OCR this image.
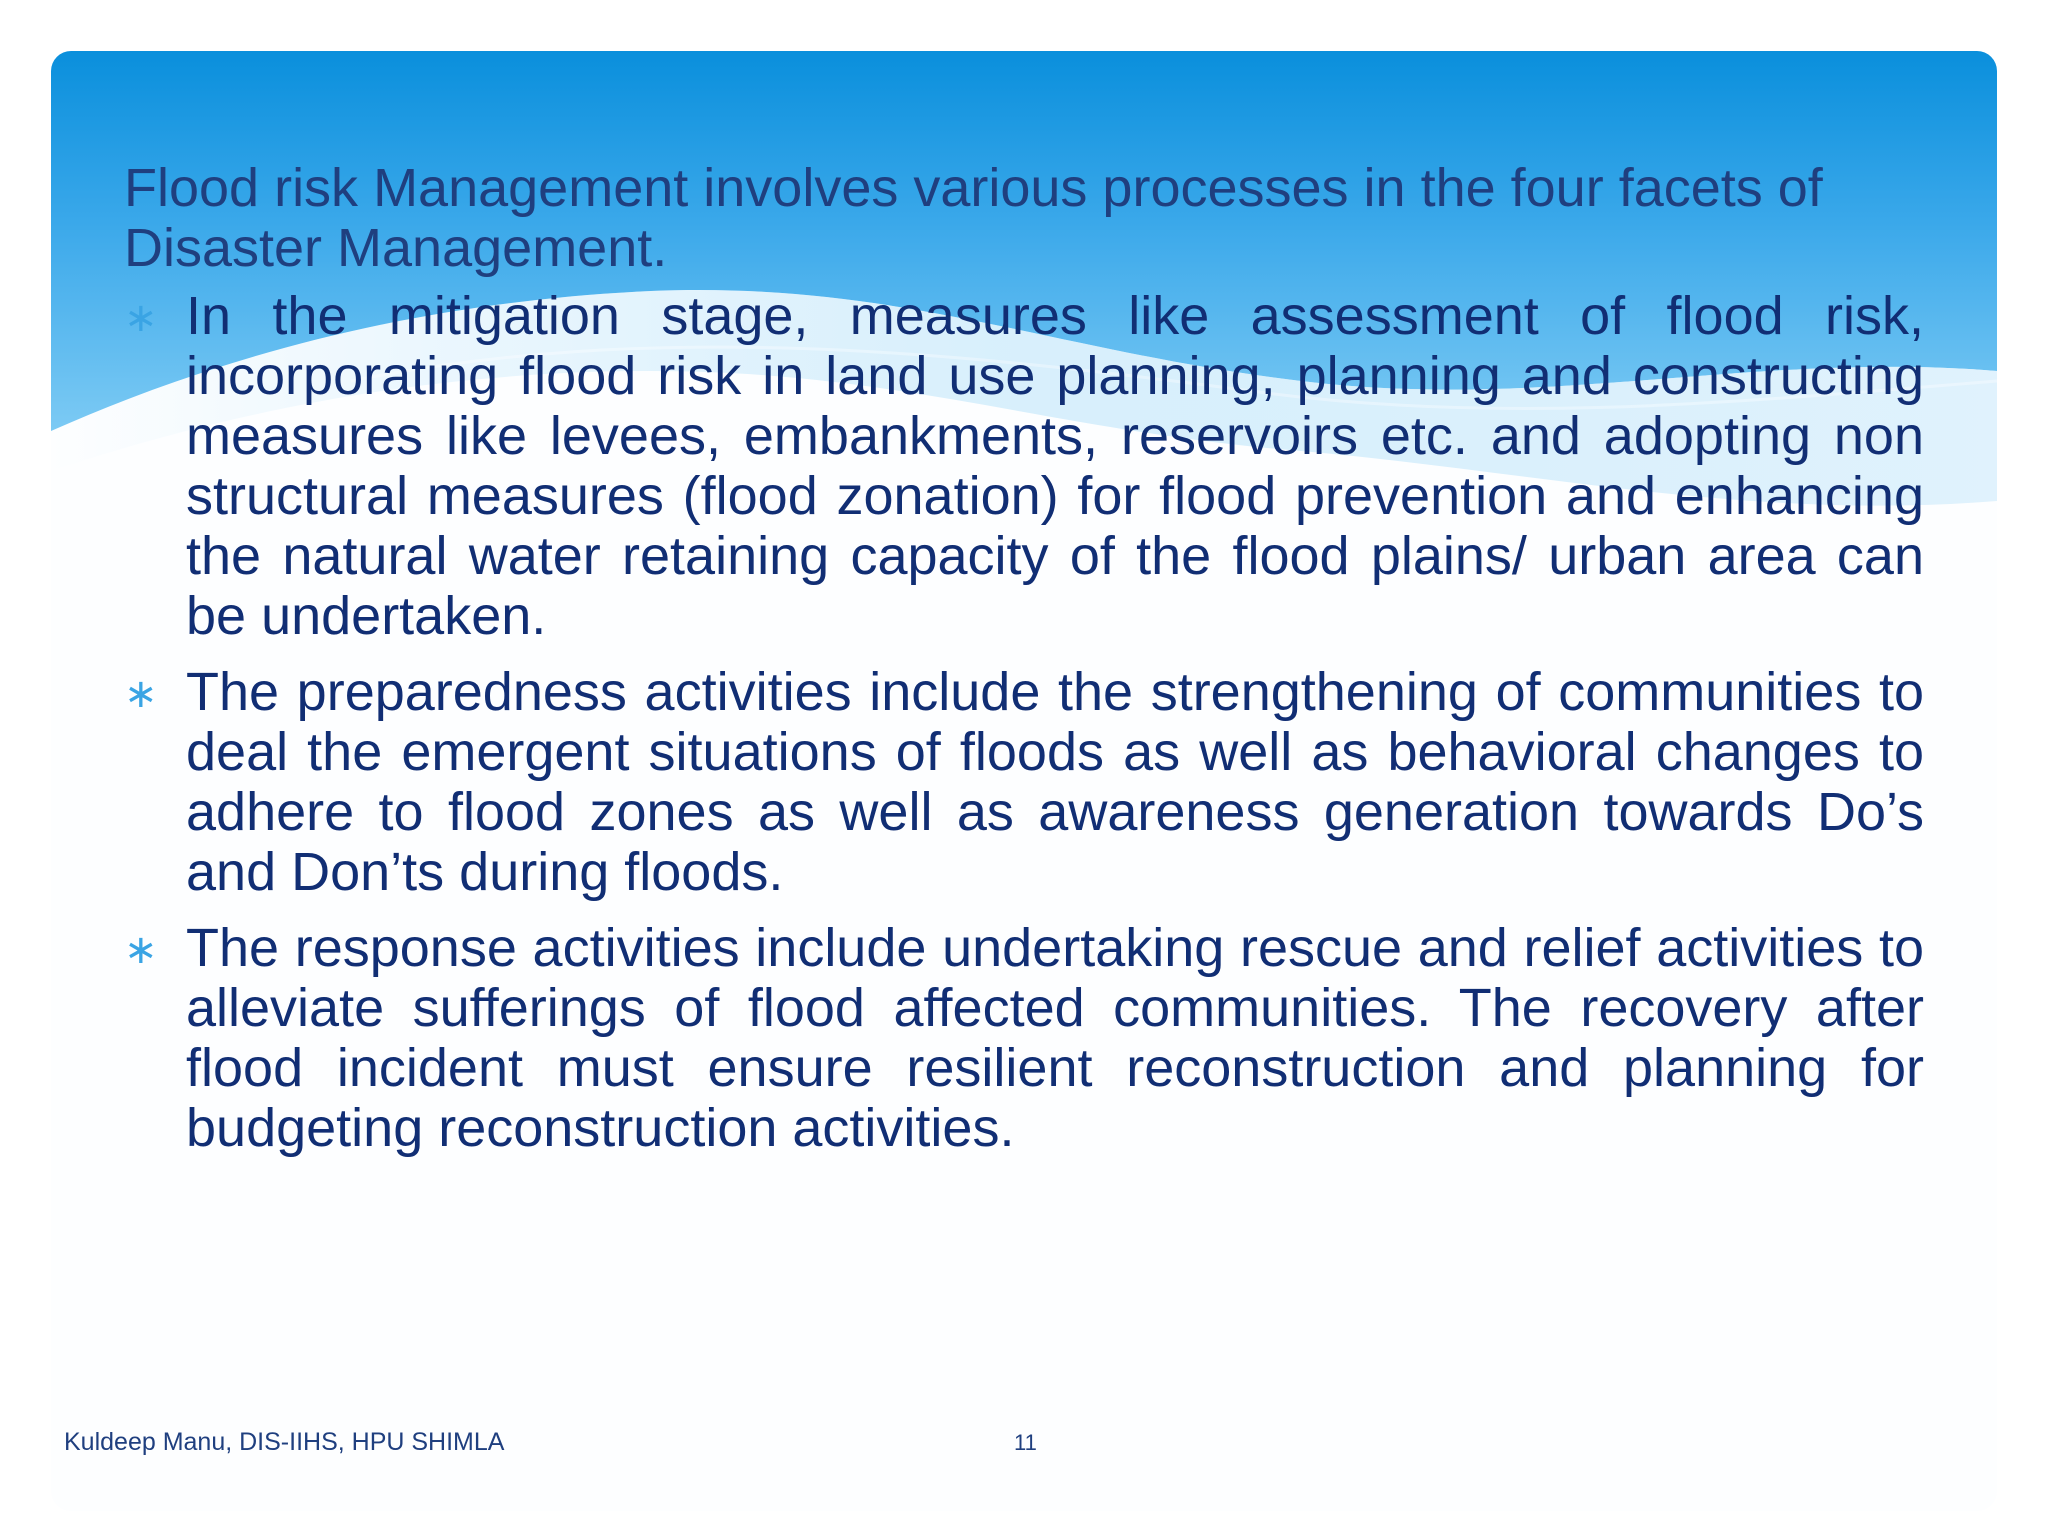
Flood risk Management involves various processes in the four facets of Disaster Management.

∗ In the mitigation stage, measures like assessment of flood risk, incorporating flood risk in land use planning, planning and constructing measures like levees, embankments, reservoirs etc. and adopting non structural measures (flood zonation) for flood prevention and enhancing the natural water retaining capacity of the flood plains/ urban area can be undertaken.
∗ The preparedness activities include the strengthening of communities to deal the emergent situations of floods as well as behavioral changes to adhere to flood zones as well as awareness generation towards Do’s and Don’ts during floods.
∗ The response activities include undertaking rescue and relief activities to alleviate sufferings of flood affected communities. The recovery after flood incident must ensure resilient reconstruction and planning for budgeting reconstruction activities.
Kuldeep Manu, DIS-IIHS, HPU SHIMLA	11
